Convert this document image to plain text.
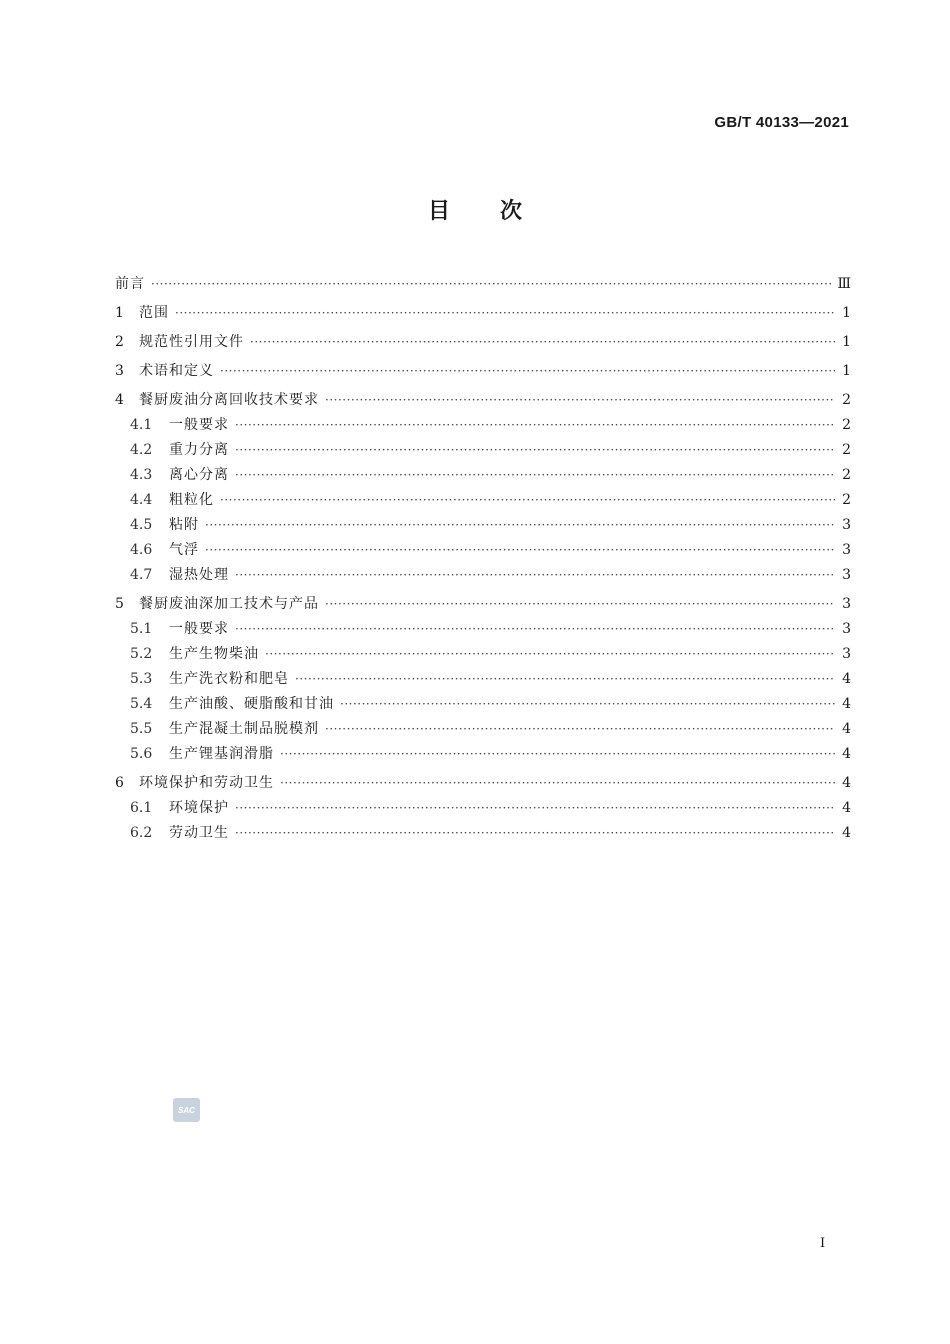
GB/T 40133—2021

目次
前言 ·····	Ⅲ
1	范围 ·····	1
2	规范性引用文件 ·····	1
3	术语和定义 ·····	1
4	餐厨废油分离回收技术要求 ·····	2
4.1	一般要求 ·····	2
4.2	重力分离 ·····	2
4.3	离心分离 ·····	2
4.4	粗粒化 ·····	2
4.5	粘附 ·····	3
4.6	气浮 ·····	3
4.7	湿热处理 ·····	3
5	餐厨废油深加工技术与产品 ·····	3
5.1	一般要求 ·····	3
5.2	生产生物柴油 ·····	3
5.3	生产洗衣粉和肥皂 ·····	4
5.4	生产油酸、硬脂酸和甘油 ·····	4
5.5	生产混凝土制品脱模剂 ·····	4
5.6	生产锂基润滑脂 ·····	4
6	环境保护和劳动卫生 ·····	4
6.1	环境保护 ·····	4
6.2	劳动卫生 ·····	4
SAC

I
